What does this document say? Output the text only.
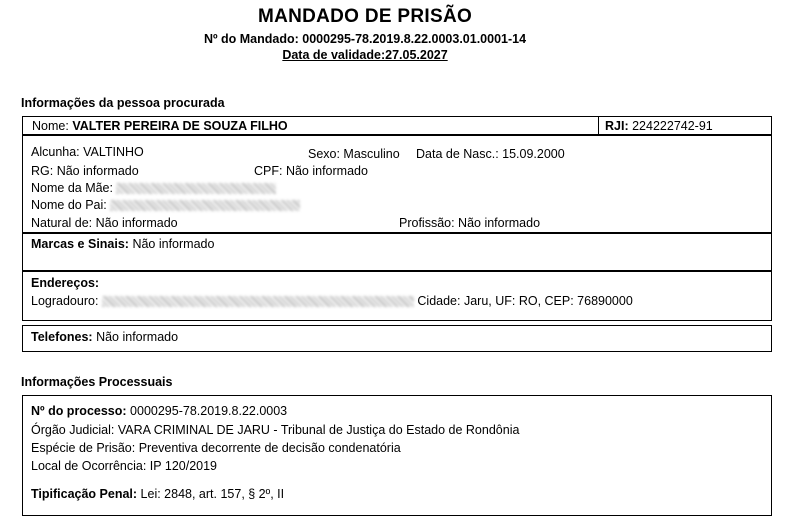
MANDADO DE PRISÃO
Nº do Mandado: 0000295-78.2019.8.22.0003.01.0001-14
Data de validade:27.05.2027
Informações da pessoa procurada
Nome: VALTER PEREIRA DE SOUZA FILHO	RJI: 224222742-91
Alcunha: VALTINHO	Sexo: Masculino Data de Nasc.: 15.09.2000
RG: Não informado	CPF: Não informado
Nome da Mãe:
Nome do Pai:
Natural de: Não informado	Profissão: Não informado
Marcas e Sinais: Não informado
Endereços:
Logradouro:	Cidade: Jaru, UF: RO, CEP: 76890000
Telefones: Não informado
Informações Processuais
Nº do processo: 0000295-78.2019.8.22.0003
Órgão Judicial: VARA CRIMINAL DE JARU - Tribunal de Justiça do Estado de Rondônia
Espécie de Prisão: Preventiva decorrente de decisão condenatória
Local de Ocorrência: IP 120/2019
Tipificação Penal: Lei: 2848, art. 157, § 2º, II
